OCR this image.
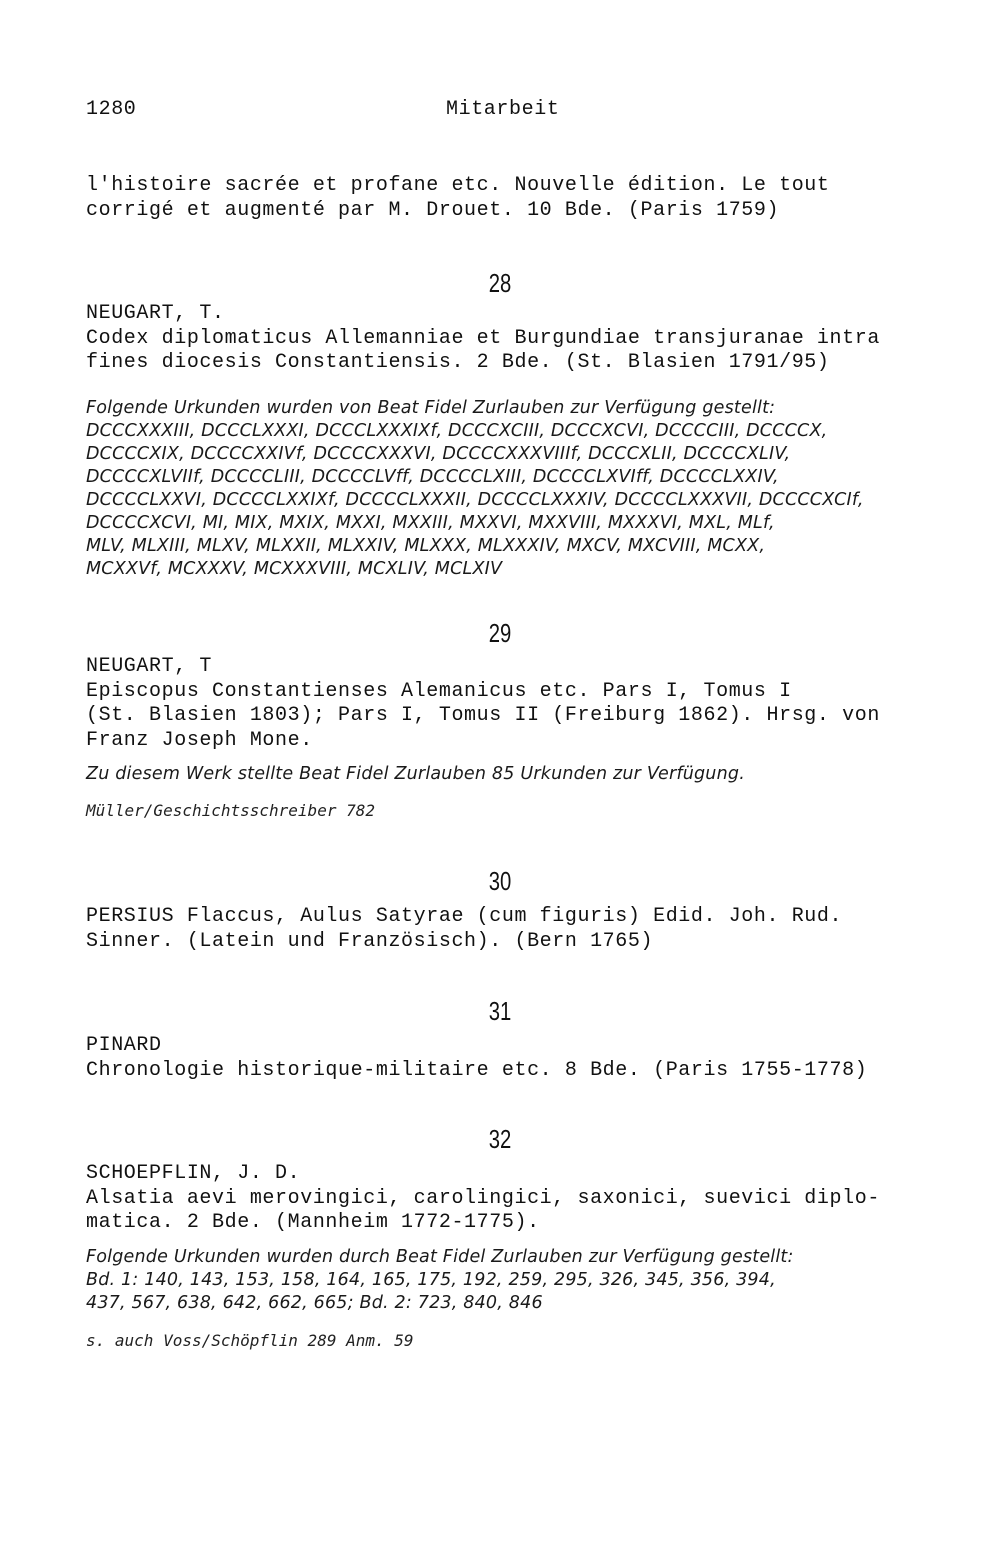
1280	Mitarbeit
l'histoire sacrée et profane etc. Nouvelle édition. Le tout
corrigé et augmenté par M. Drouet. 10 Bde. (Paris 1759)
28
NEUGART, T.
Codex diplomaticus Allemanniae et Burgundiae transjuranae intra
fines diocesis Constantiensis. 2 Bde. (St. Blasien 1791/95)
Folgende Urkunden wurden von Beat Fidel Zurlauben zur Verfügung gestellt:
DCCCXXXIII, DCCCLXXXI, DCCCLXXXIXf, DCCCXCIII, DCCCXCVI, DCCCCIII, DCCCCX,
DCCCCXIX, DCCCCXXIVf, DCCCCXXXVI, DCCCCXXXVIIIf, DCCCXLII, DCCCCXLIV,
DCCCCXLVIIf, DCCCCLIII, DCCCCLVff, DCCCCLXIII, DCCCCLXVIff, DCCCCLXXIV,
DCCCCLXXVI, DCCCCLXXIXf, DCCCCLXXXII, DCCCCLXXXIV, DCCCCLXXXVII, DCCCCXCIf,
DCCCCXCVI, MI, MIX, MXIX, MXXI, MXXIII, MXXVI, MXXVIII, MXXXVI, MXL, MLf,
MLV, MLXIII, MLXV, MLXXII, MLXXIV, MLXXX, MLXXXIV, MXCV, MXCVIII, MCXX,
MCXXVf, MCXXXV, MCXXXVIII, MCXLIV, MCLXIV
29
NEUGART, T
Episcopus Constantienses Alemanicus etc. Pars I, Tomus I
(St. Blasien 1803); Pars I, Tomus II (Freiburg 1862). Hrsg. von
Franz Joseph Mone.
Zu diesem Werk stellte Beat Fidel Zurlauben 85 Urkunden zur Verfügung.
Müller/Geschichtsschreiber 782
30
PERSIUS Flaccus, Aulus Satyrae (cum figuris) Edid. Joh. Rud.
Sinner. (Latein und Französisch). (Bern 1765)
31
PINARD
Chronologie historique-militaire etc. 8 Bde. (Paris 1755-1778)
32
SCHOEPFLIN, J. D.
Alsatia aevi merovingici, carolingici, saxonici, suevici diplo-
matica. 2 Bde. (Mannheim 1772-1775).
Folgende Urkunden wurden durch Beat Fidel Zurlauben zur Verfügung gestellt:
Bd. 1: 140, 143, 153, 158, 164, 165, 175, 192, 259, 295, 326, 345, 356, 394,
437, 567, 638, 642, 662, 665; Bd. 2: 723, 840, 846
s. auch Voss/Schöpflin 289 Anm. 59
